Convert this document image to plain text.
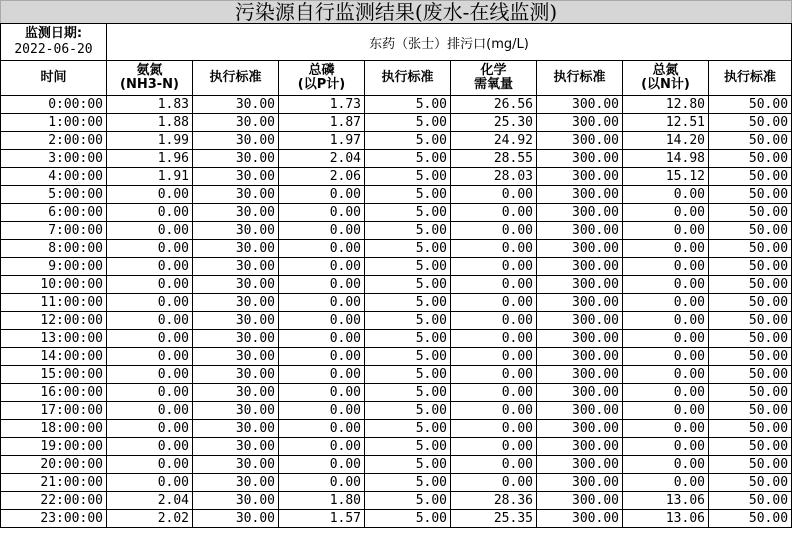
污染源自行监测结果(废水-在线监测)								

监测日期:
2022-06-20	东药（张士）排污口(mg/L)							

时间	氨氮
(NH3-N)	执行标准	总磷
(以P计)	执行标准	化学
需氧量	执行标准	总氮
(以N计)	执行标准

0:00:00	1.83	30.00	1.73	5.00	26.56	300.00	12.80	50.00
1:00:00	1.88	30.00	1.87	5.00	25.30	300.00	12.51	50.00
2:00:00	1.99	30.00	1.97	5.00	24.92	300.00	14.20	50.00
3:00:00	1.96	30.00	2.04	5.00	28.55	300.00	14.98	50.00
4:00:00	1.91	30.00	2.06	5.00	28.03	300.00	15.12	50.00
5:00:00	0.00	30.00	0.00	5.00	0.00	300.00	0.00	50.00
6:00:00	0.00	30.00	0.00	5.00	0.00	300.00	0.00	50.00
7:00:00	0.00	30.00	0.00	5.00	0.00	300.00	0.00	50.00
8:00:00	0.00	30.00	0.00	5.00	0.00	300.00	0.00	50.00
9:00:00	0.00	30.00	0.00	5.00	0.00	300.00	0.00	50.00
10:00:00	0.00	30.00	0.00	5.00	0.00	300.00	0.00	50.00
11:00:00	0.00	30.00	0.00	5.00	0.00	300.00	0.00	50.00
12:00:00	0.00	30.00	0.00	5.00	0.00	300.00	0.00	50.00
13:00:00	0.00	30.00	0.00	5.00	0.00	300.00	0.00	50.00
14:00:00	0.00	30.00	0.00	5.00	0.00	300.00	0.00	50.00
15:00:00	0.00	30.00	0.00	5.00	0.00	300.00	0.00	50.00
16:00:00	0.00	30.00	0.00	5.00	0.00	300.00	0.00	50.00
17:00:00	0.00	30.00	0.00	5.00	0.00	300.00	0.00	50.00
18:00:00	0.00	30.00	0.00	5.00	0.00	300.00	0.00	50.00
19:00:00	0.00	30.00	0.00	5.00	0.00	300.00	0.00	50.00
20:00:00	0.00	30.00	0.00	5.00	0.00	300.00	0.00	50.00
21:00:00	0.00	30.00	0.00	5.00	0.00	300.00	0.00	50.00
22:00:00	2.04	30.00	1.80	5.00	28.36	300.00	13.06	50.00
23:00:00	2.02	30.00	1.57	5.00	25.35	300.00	13.06	50.00
